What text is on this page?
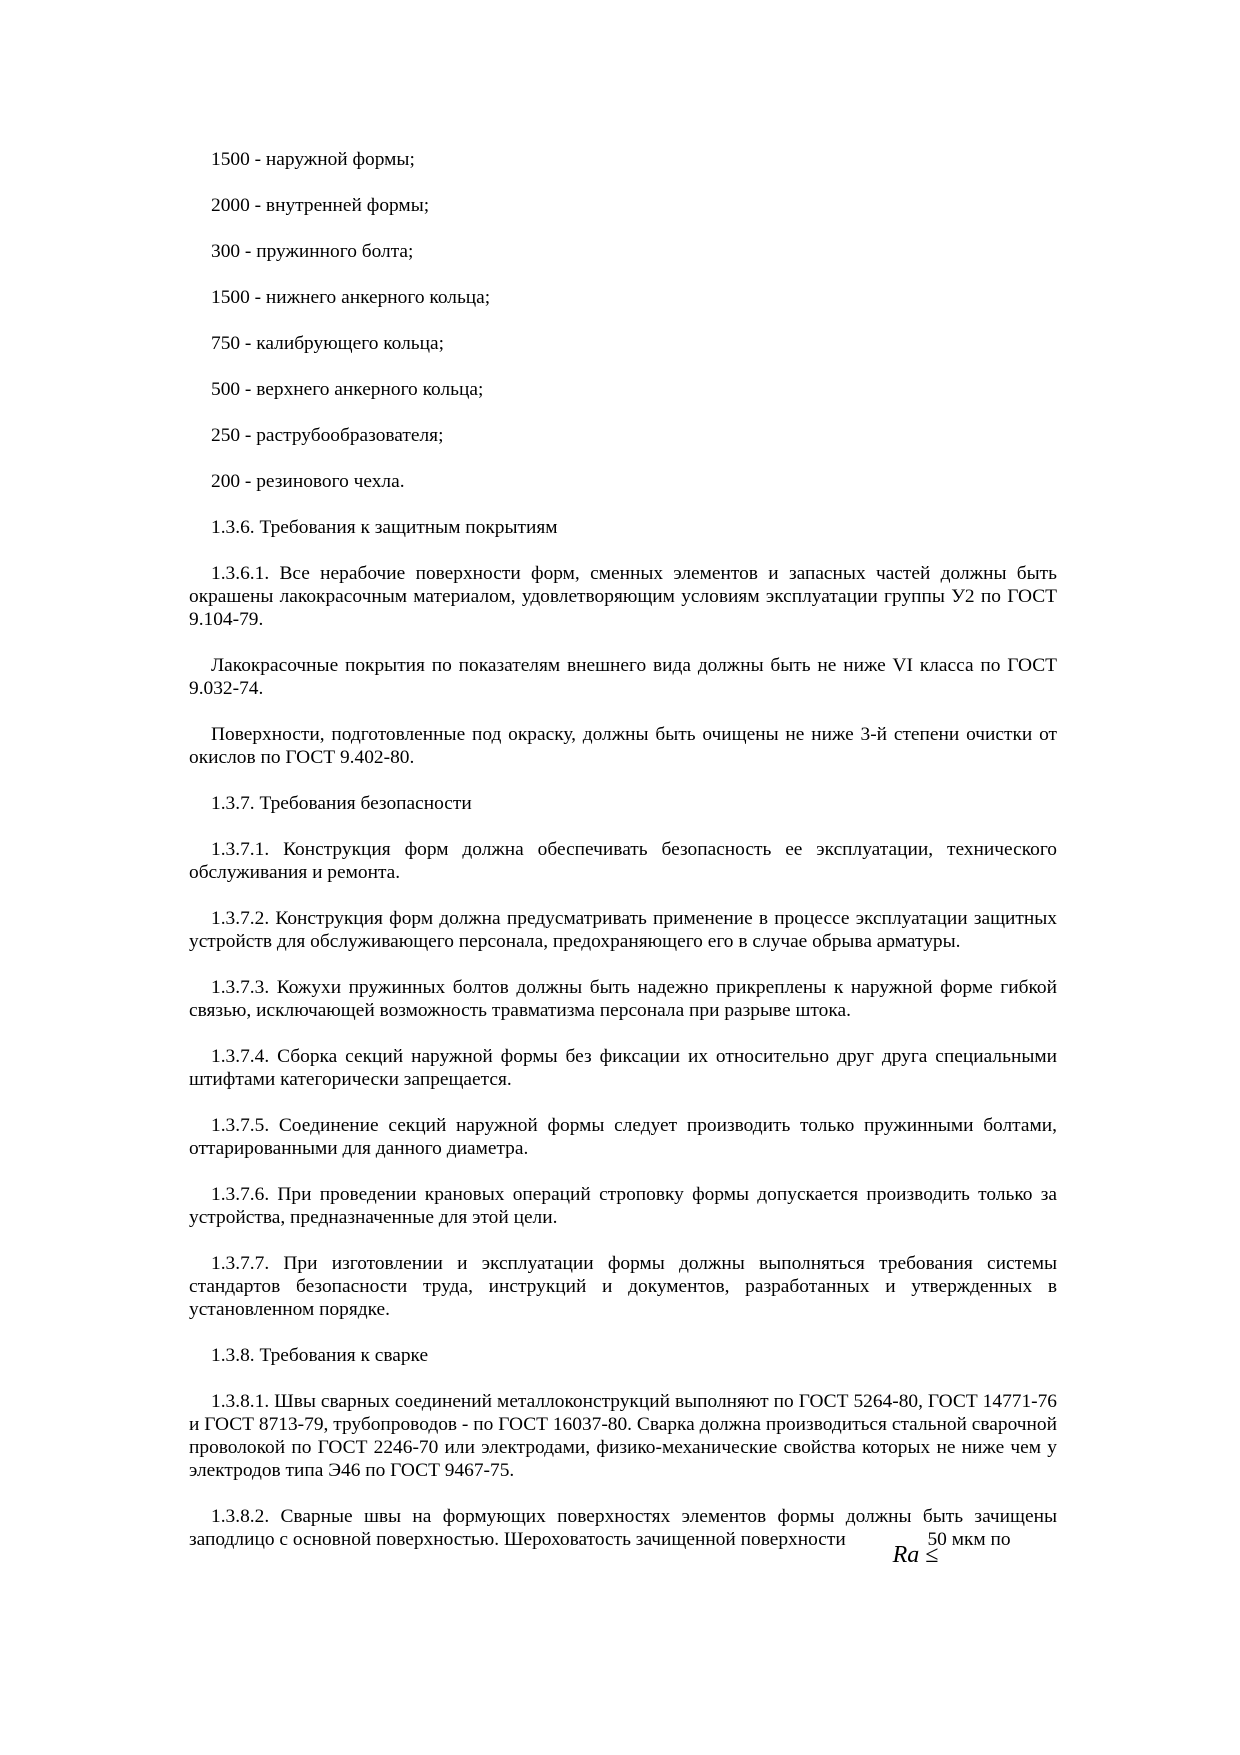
1500 - наружной формы;

2000 - внутренней формы;

300 - пружинного болта;

1500 - нижнего анкерного кольца;

750 - калибрующего кольца;

500 - верхнего анкерного кольца;

250 - раструбообразователя;

200 - резинового чехла.

1.3.6. Требования к защитным покрытиям

1.3.6.1. Все нерабочие поверхности форм, сменных элементов и запасных частей должны быть окрашены лакокрасочным материалом, удовлетворяющим условиям эксплуатации группы У2 по ГОСТ 9.104-79.

Лакокрасочные покрытия по показателям внешнего вида должны быть не ниже VI класса по ГОСТ 9.032-74.

Поверхности, подготовленные под окраску, должны быть очищены не ниже 3-й степени очистки от окислов по ГОСТ 9.402-80.

1.3.7. Требования безопасности

1.3.7.1. Конструкция форм должна обеспечивать безопасность ее эксплуатации, технического обслуживания и ремонта.

1.3.7.2. Конструкция форм должна предусматривать применение в процессе эксплуатации защитных устройств для обслуживающего персонала, предохраняющего его в случае обрыва арматуры.

1.3.7.3. Кожухи пружинных болтов должны быть надежно прикреплены к наружной форме гибкой связью, исключающей возможность травматизма персонала при разрыве штока.

1.3.7.4. Сборка секций наружной формы без фиксации их относительно друг друга специальными штифтами категорически запрещается.

1.3.7.5. Соединение секций наружной формы следует производить только пружинными болтами, оттарированными для данного диаметра.

1.3.7.6. При проведении крановых операций строповку формы допускается производить только за устройства, предназначенные для этой цели.

1.3.7.7. При изготовлении и эксплуатации формы должны выполняться требования системы стандартов безопасности труда, инструкций и документов, разработанных и утвержденных в установленном порядке.

1.3.8. Требования к сварке

1.3.8.1. Швы сварных соединений металлоконструкций выполняют по ГОСТ 5264-80, ГОСТ 14771-76 и ГОСТ 8713-79, трубопроводов - по ГОСТ 16037-80. Сварка должна производиться стальной сварочной проволокой по ГОСТ 2246-70 или электродами, физико-механические свойства которых не ниже чем у электродов типа Э46 по ГОСТ 9467-75.

1.3.8.2. Сварные швы на формующих поверхностях элементов формы должны быть зачищены заподлицо с основной поверхностью. Шероховатость зачищенной поверхности
Ra ≤
50 мкм по
